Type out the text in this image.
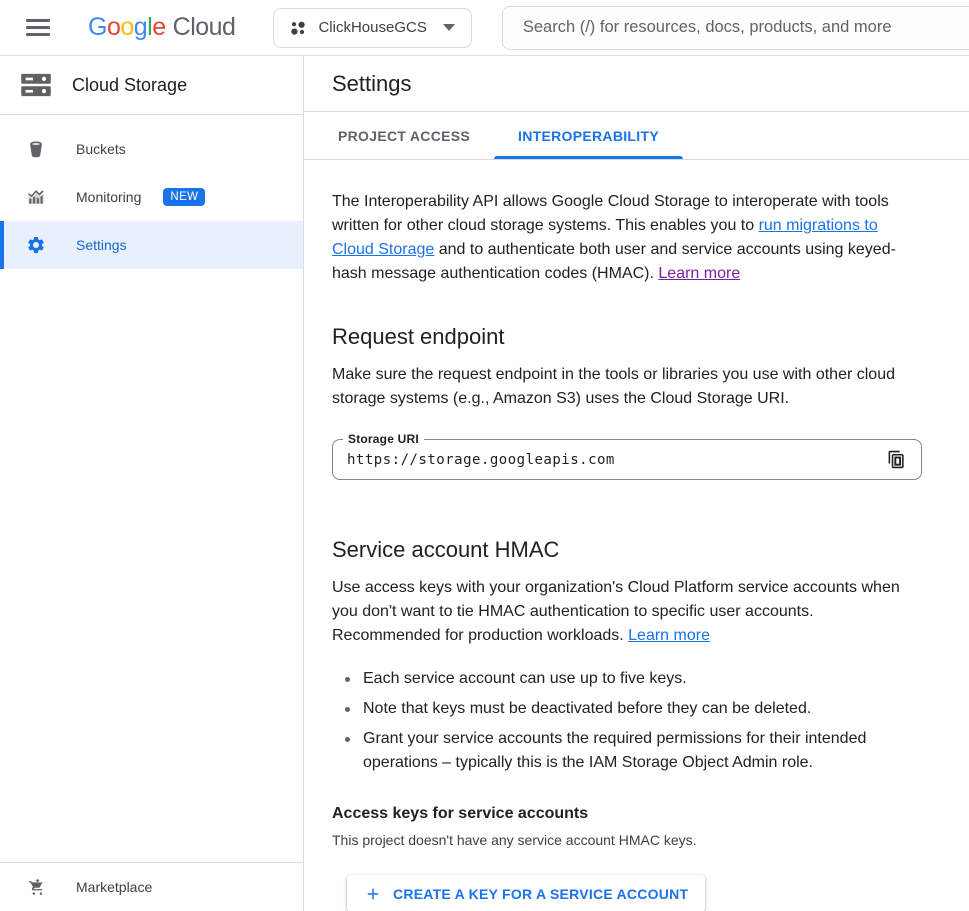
G o o g l e Cloud	ClickHouseGCS
Search (/) for resources, docs, products, and more
Cloud Storage
Buckets
Monitoring	NEW
Settings
Marketplace
Settings
PROJECT ACCESS	INTEROPERABILITY

The Interoperability API allows Google Cloud Storage to interoperate with tools written for other cloud storage systems. This enables you to run migrations to Cloud Storage and to authenticate both user and service accounts using keyed-hash message authentication codes (HMAC). Learn more

Request endpoint

Make sure the request endpoint in the tools or libraries you use with other cloud storage systems (e.g., Amazon S3) uses the Cloud Storage URI.

Storage URI
https://storage.googleapis.com
Service account HMAC

Use access keys with your organization's Cloud Platform service accounts when you don't want to tie HMAC authentication to specific user accounts. Recommended for production workloads. Learn more

Each service account can use up to five keys.
Note that keys must be deactivated before they can be deleted.
Grant your service accounts the required permissions for their intended operations – typically this is the IAM Storage Object Admin role.
Access keys for service accounts
This project doesn't have any service account HMAC keys.
CREATE A KEY FOR A SERVICE ACCOUNT
